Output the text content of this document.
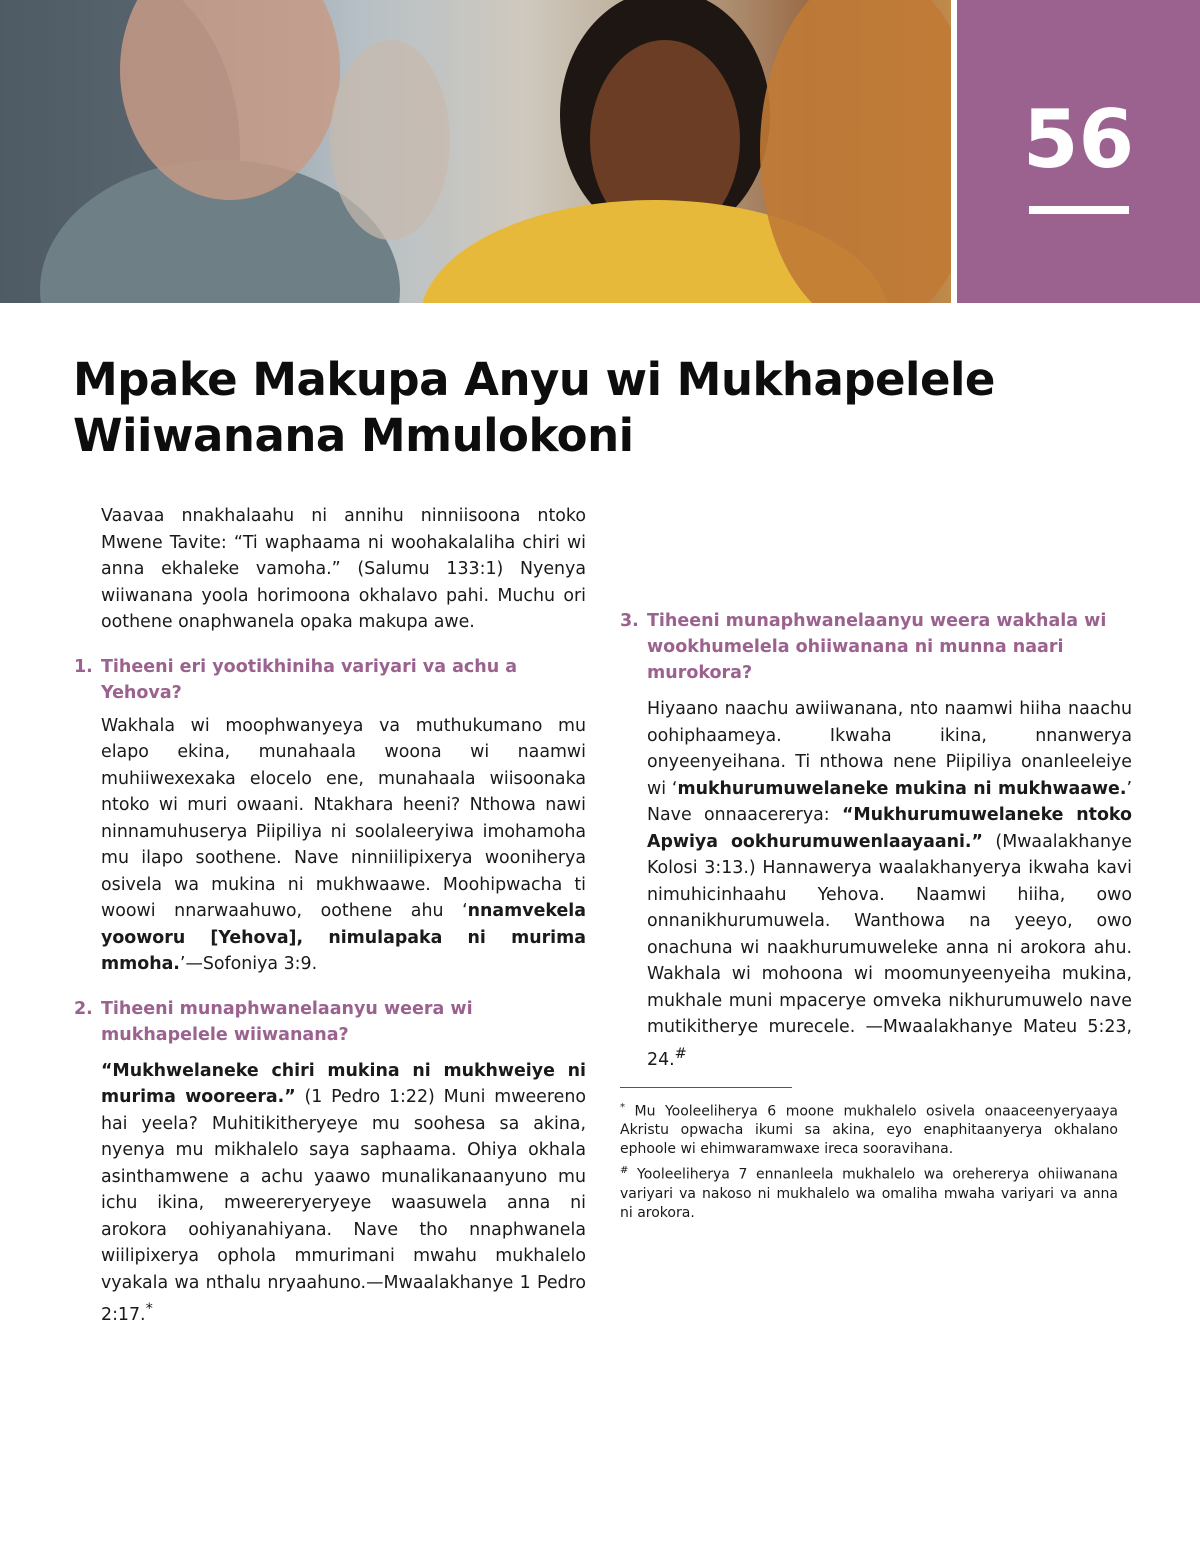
56
Mpake Makupa Anyu wi Mukhapelele
Wiiwanana Mmulokoni

Vaavaa nnakhalaahu ni annihu ninniisoona ntoko Mwene Tavite: “Ti waphaama ni woohakalaliha chiri wi anna ekhaleke vamoha.” (Salumu 133:1) Nyenya wiiwanana yoola horimoona okhalavo pahi. Muchu ori oothene onaphwanela opaka makupa awe.

1. Tiheeni eri yootikhiniha variyari va achu a Yehova?

Wakhala wi moophwanyeya va muthukumano mu elapo ekina, munahaala woona wi naamwi muhiiwexexaka elocelo ene, munahaala wiisoonaka ntoko wi muri owaani. Ntakhara heeni? Nthowa nawi ninnamuhuserya Piipiliya ni soolaleeryiwa imohamoha mu ilapo soothene. Nave ninniilipixerya wooniherya osivela wa mukina ni mukhwaawe. Moohipwacha ti woowi nnarwaahuwo, oothene ahu ‘nnamvekela yooworu [Yehova], nimulapaka ni murima mmoha.’—Sofoniya 3:9.

2. Tiheeni munaphwanelaanyu weera wi mukhapelele wiiwanana?

“Mukhwelaneke chiri mukina ni mukhweiye ni murima wooreera.” (1 Pedro 1:22) Muni mweereno hai yeela? Muhitikitheryeye mu soohesa sa akina, nyenya mu mikhalelo saya saphaama. Ohiya okhala asinthamwene a achu yaawo munalikanaanyuno mu ichu ikina, mweereryeryeye waasuwela anna ni arokora oohiyanahiyana. Nave tho nnaphwanela wiilipixerya ophola mmurimani mwahu mukhalelo vyakala wa nthalu nryaahuno.—Mwaalakhanye 1 Pedro 2:17.*

3. Tiheeni munaphwanelaanyu weera wakhala wi wookhumelela ohiiwanana ni munna naari murokora?

Hiyaano naachu awiiwanana, nto naamwi hiiha naachu oohiphaameya. Ikwaha ikina, nnanwerya onyeenyeihana. Ti nthowa nene Piipiliya onanleeleiye wi ‘mukhurumuwelaneke mukina ni mukhwaawe.’ Nave onnaacererya: “Mukhurumuwelaneke ntoko Apwiya ookhurumuwenlaayaani.” (Mwaalakhanye Kolosi 3:13.) Hannawerya waalakhanyerya ikwaha kavi nimuhicinhaahu Yehova. Naamwi hiiha, owo onnanikhurumuwela. Wanthowa na yeeyo, owo onachuna wi naakhurumuweleke anna ni arokora ahu. Wakhala wi mohoona wi moomunyeenyeiha mukina, mukhale muni mpacerye omveka nikhurumuwelo nave mutikitherye murecele. —Mwaalakhanye Mateu 5:23, 24.#

* Mu Yooleeliherya 6 moone mukhalelo osivela onaaceenyeryaaya Akristu opwacha ikumi sa akina, eyo enaphitaanyerya okhalano ephoole wi ehimwaramwaxe ireca sooravihana.

# Yooleeliherya 7 ennanleela mukhalelo wa orehererya ohiiwanana variyari va nakoso ni mukhalelo wa omaliha mwaha variyari va anna ni arokora.
